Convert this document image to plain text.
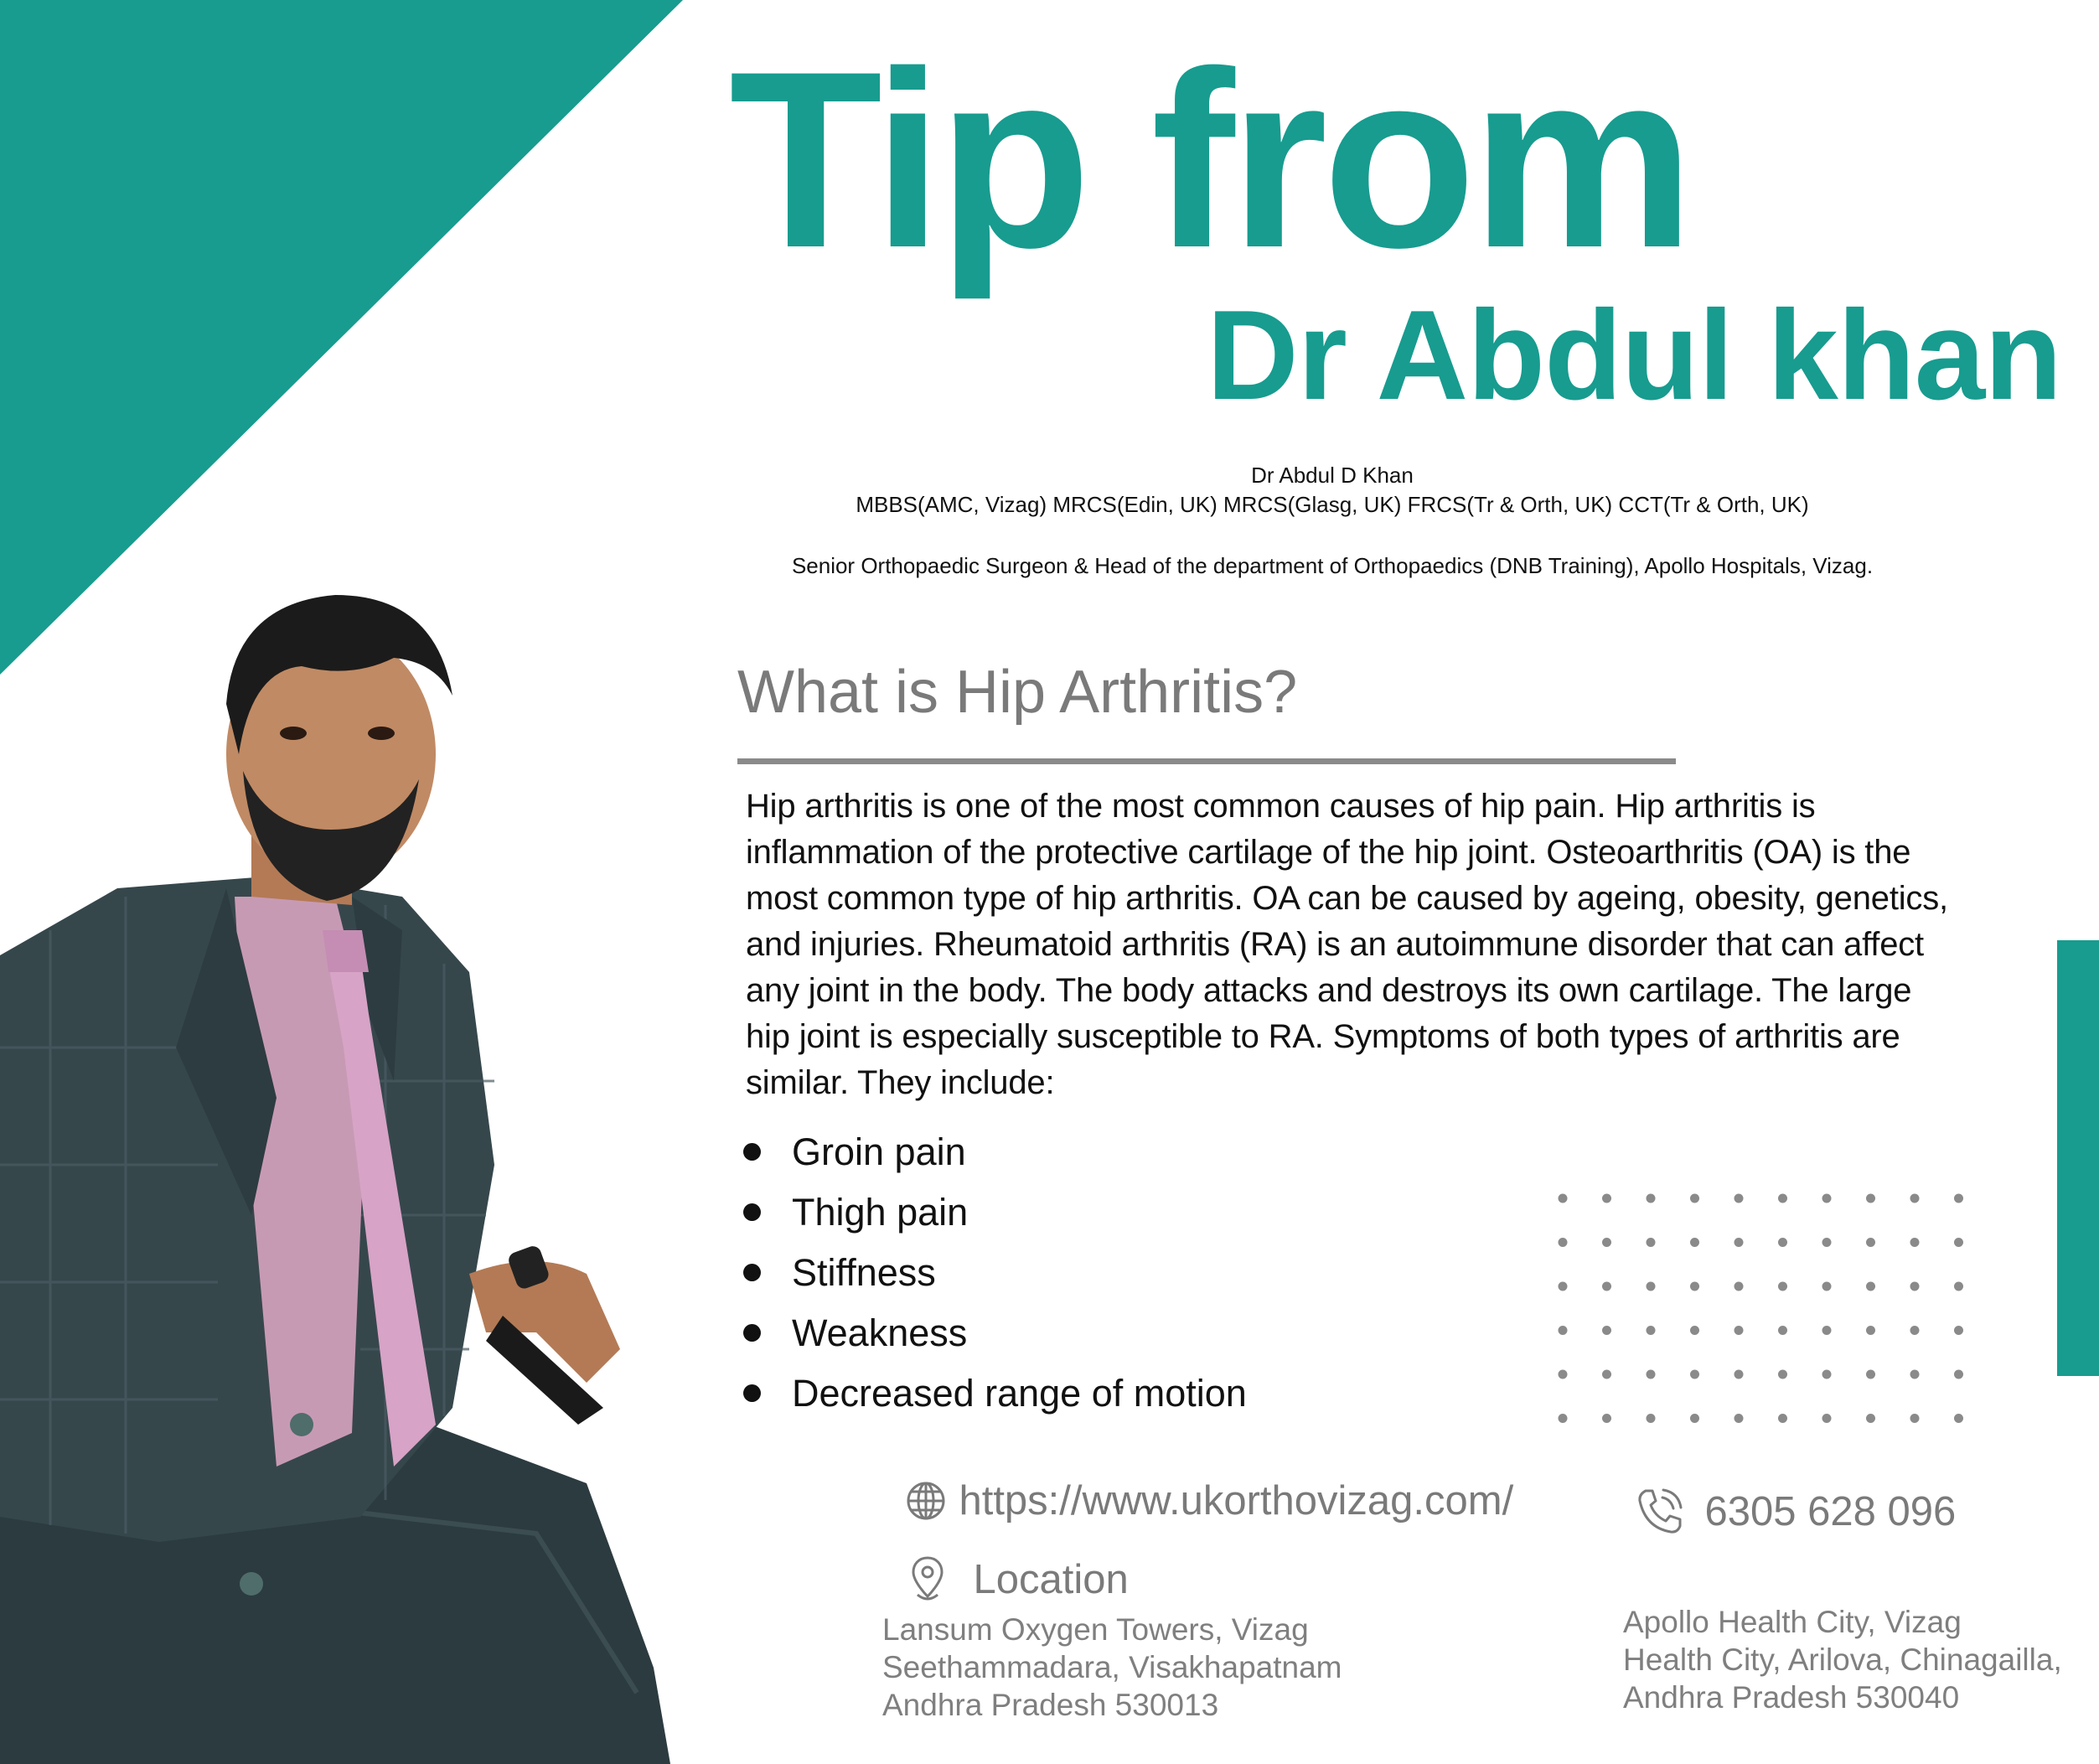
Tip from
Dr Abdul khan
Dr Abdul D Khan
MBBS(AMC, Vizag) MRCS(Edin, UK) MRCS(Glasg, UK) FRCS(Tr & Orth, UK) CCT(Tr & Orth, UK)
Senior Orthopaedic Surgeon & Head of the department of Orthopaedics (DNB Training), Apollo Hospitals, Vizag.
What is Hip Arthritis?
Hip arthritis is one of the most common causes of hip pain. Hip arthritis is
inflammation of the protective cartilage of the hip joint. Osteoarthritis (OA) is the
most common type of hip arthritis. OA can be caused by ageing, obesity, genetics,
and injuries. Rheumatoid arthritis (RA) is an autoimmune disorder that can affect
any joint in the body. The body attacks and destroys its own cartilage. The large
hip joint is especially susceptible to RA. Symptoms of both types of arthritis are
similar. They include:
Groin pain
Thigh pain
Stiffness
Weakness
Decreased range of motion
https://www.ukorthovizag.com/	6305 628 096
Location
Lansum Oxygen Towers, Vizag
Seethammadara, Visakhapatnam
Andhra Pradesh 530013
Apollo Health City, Vizag
Health City, Arilova, Chinagailla,
Andhra Pradesh 530040
